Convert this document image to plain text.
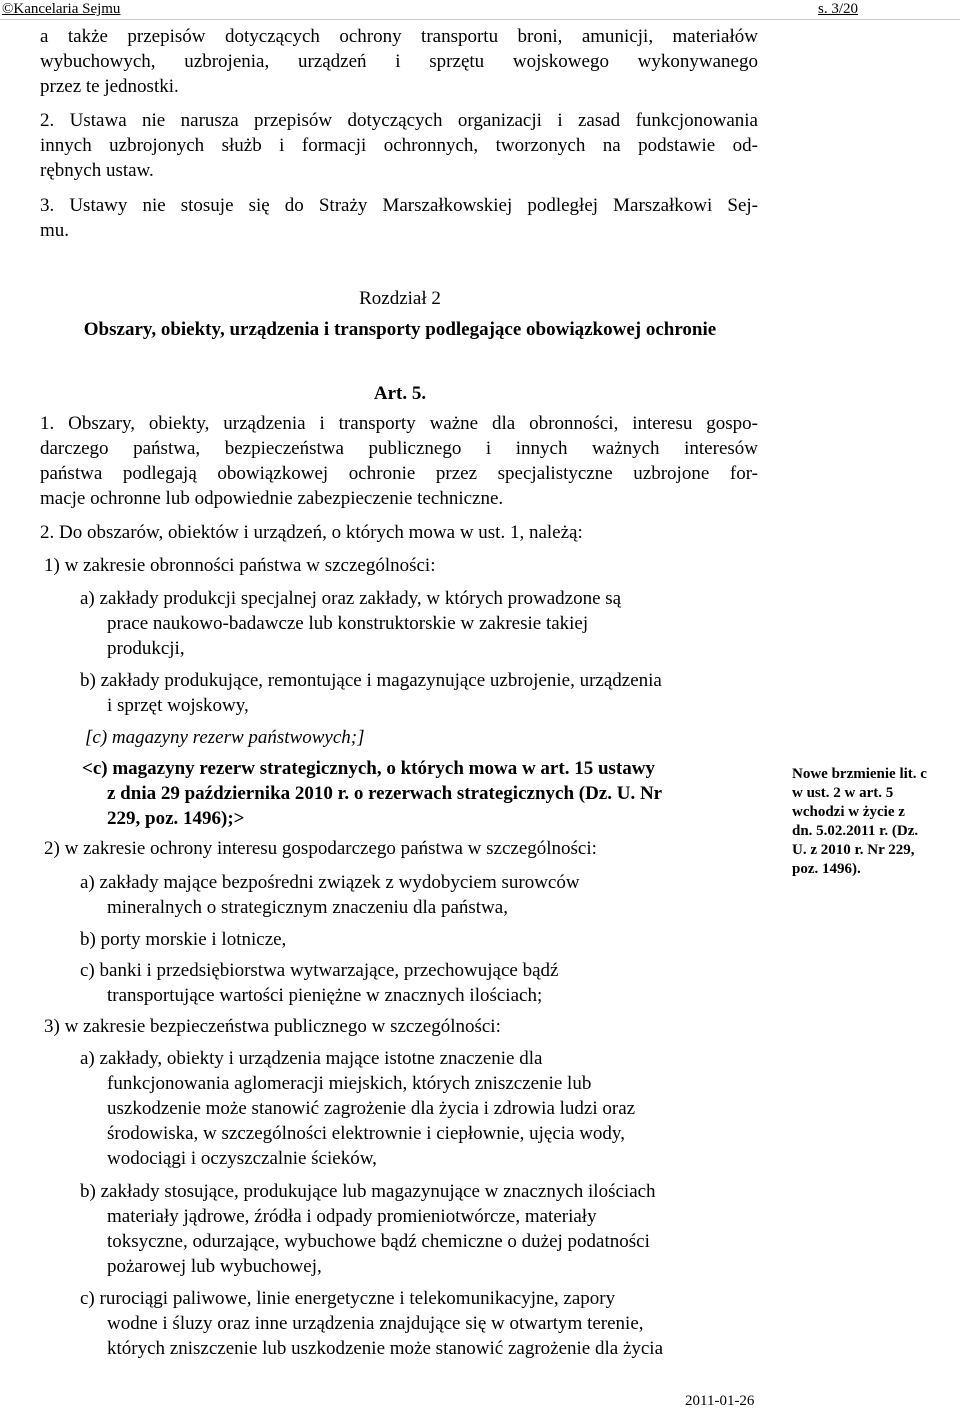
©Kancelaria Sejmu	s. 3/20
a także przepisów dotyczących ochrony transportu broni, amunicji, materiałów
wybuchowych, uzbrojenia, urządzeń i sprzętu wojskowego wykonywanego
przez te jednostki.
2. Ustawa nie narusza przepisów dotyczących organizacji i zasad funkcjonowania
innych uzbrojonych służb i formacji ochronnych, tworzonych na podstawie od-
rębnych ustaw.
3. Ustawy nie stosuje się do Straży Marszałkowskiej podległej Marszałkowi Sej-
mu.
Rozdział 2
Obszary, obiekty, urządzenia i transporty podlegające obowiązkowej ochronie
Art. 5.
1. Obszary, obiekty, urządzenia i transporty ważne dla obronności, interesu gospo-
darczego państwa, bezpieczeństwa publicznego i innych ważnych interesów
państwa podlegają obowiązkowej ochronie przez specjalistyczne uzbrojone for-
macje ochronne lub odpowiednie zabezpieczenie techniczne.
2. Do obszarów, obiektów i urządzeń, o których mowa w ust. 1, należą:
1) w zakresie obronności państwa w szczególności:
a) zakłady produkcji specjalnej oraz zakłady, w których prowadzone są
prace naukowo-badawcze lub konstruktorskie w zakresie takiej
produkcji,
b) zakłady produkujące, remontujące i magazynujące uzbrojenie, urządzenia
i sprzęt wojskowy,
[c) magazyny rezerw państwowych;]
<c) magazyny rezerw strategicznych, o których mowa w art. 15 ustawy
z dnia 29 października 2010 r. o rezerwach strategicznych (Dz. U. Nr
229, poz. 1496);>
Nowe brzmienie lit. c
w ust. 2 w art. 5
wchodzi w życie z
dn. 5.02.2011 r. (Dz.
U. z 2010 r. Nr 229,
poz. 1496).
2) w zakresie ochrony interesu gospodarczego państwa w szczególności:
a) zakłady mające bezpośredni związek z wydobyciem surowców
mineralnych o strategicznym znaczeniu dla państwa,
b) porty morskie i lotnicze,
c) banki i przedsiębiorstwa wytwarzające, przechowujące bądź
transportujące wartości pieniężne w znacznych ilościach;
3) w zakresie bezpieczeństwa publicznego w szczególności:
a) zakłady, obiekty i urządzenia mające istotne znaczenie dla
funkcjonowania aglomeracji miejskich, których zniszczenie lub
uszkodzenie może stanowić zagrożenie dla życia i zdrowia ludzi oraz
środowiska, w szczególności elektrownie i ciepłownie, ujęcia wody,
wodociągi i oczyszczalnie ścieków,
b) zakłady stosujące, produkujące lub magazynujące w znacznych ilościach
materiały jądrowe, źródła i odpady promieniotwórcze, materiały
toksyczne, odurzające, wybuchowe bądź chemiczne o dużej podatności
pożarowej lub wybuchowej,
c) rurociągi paliwowe, linie energetyczne i telekomunikacyjne, zapory
wodne i śluzy oraz inne urządzenia znajdujące się w otwartym terenie,
których zniszczenie lub uszkodzenie może stanowić zagrożenie dla życia
2011-01-26
